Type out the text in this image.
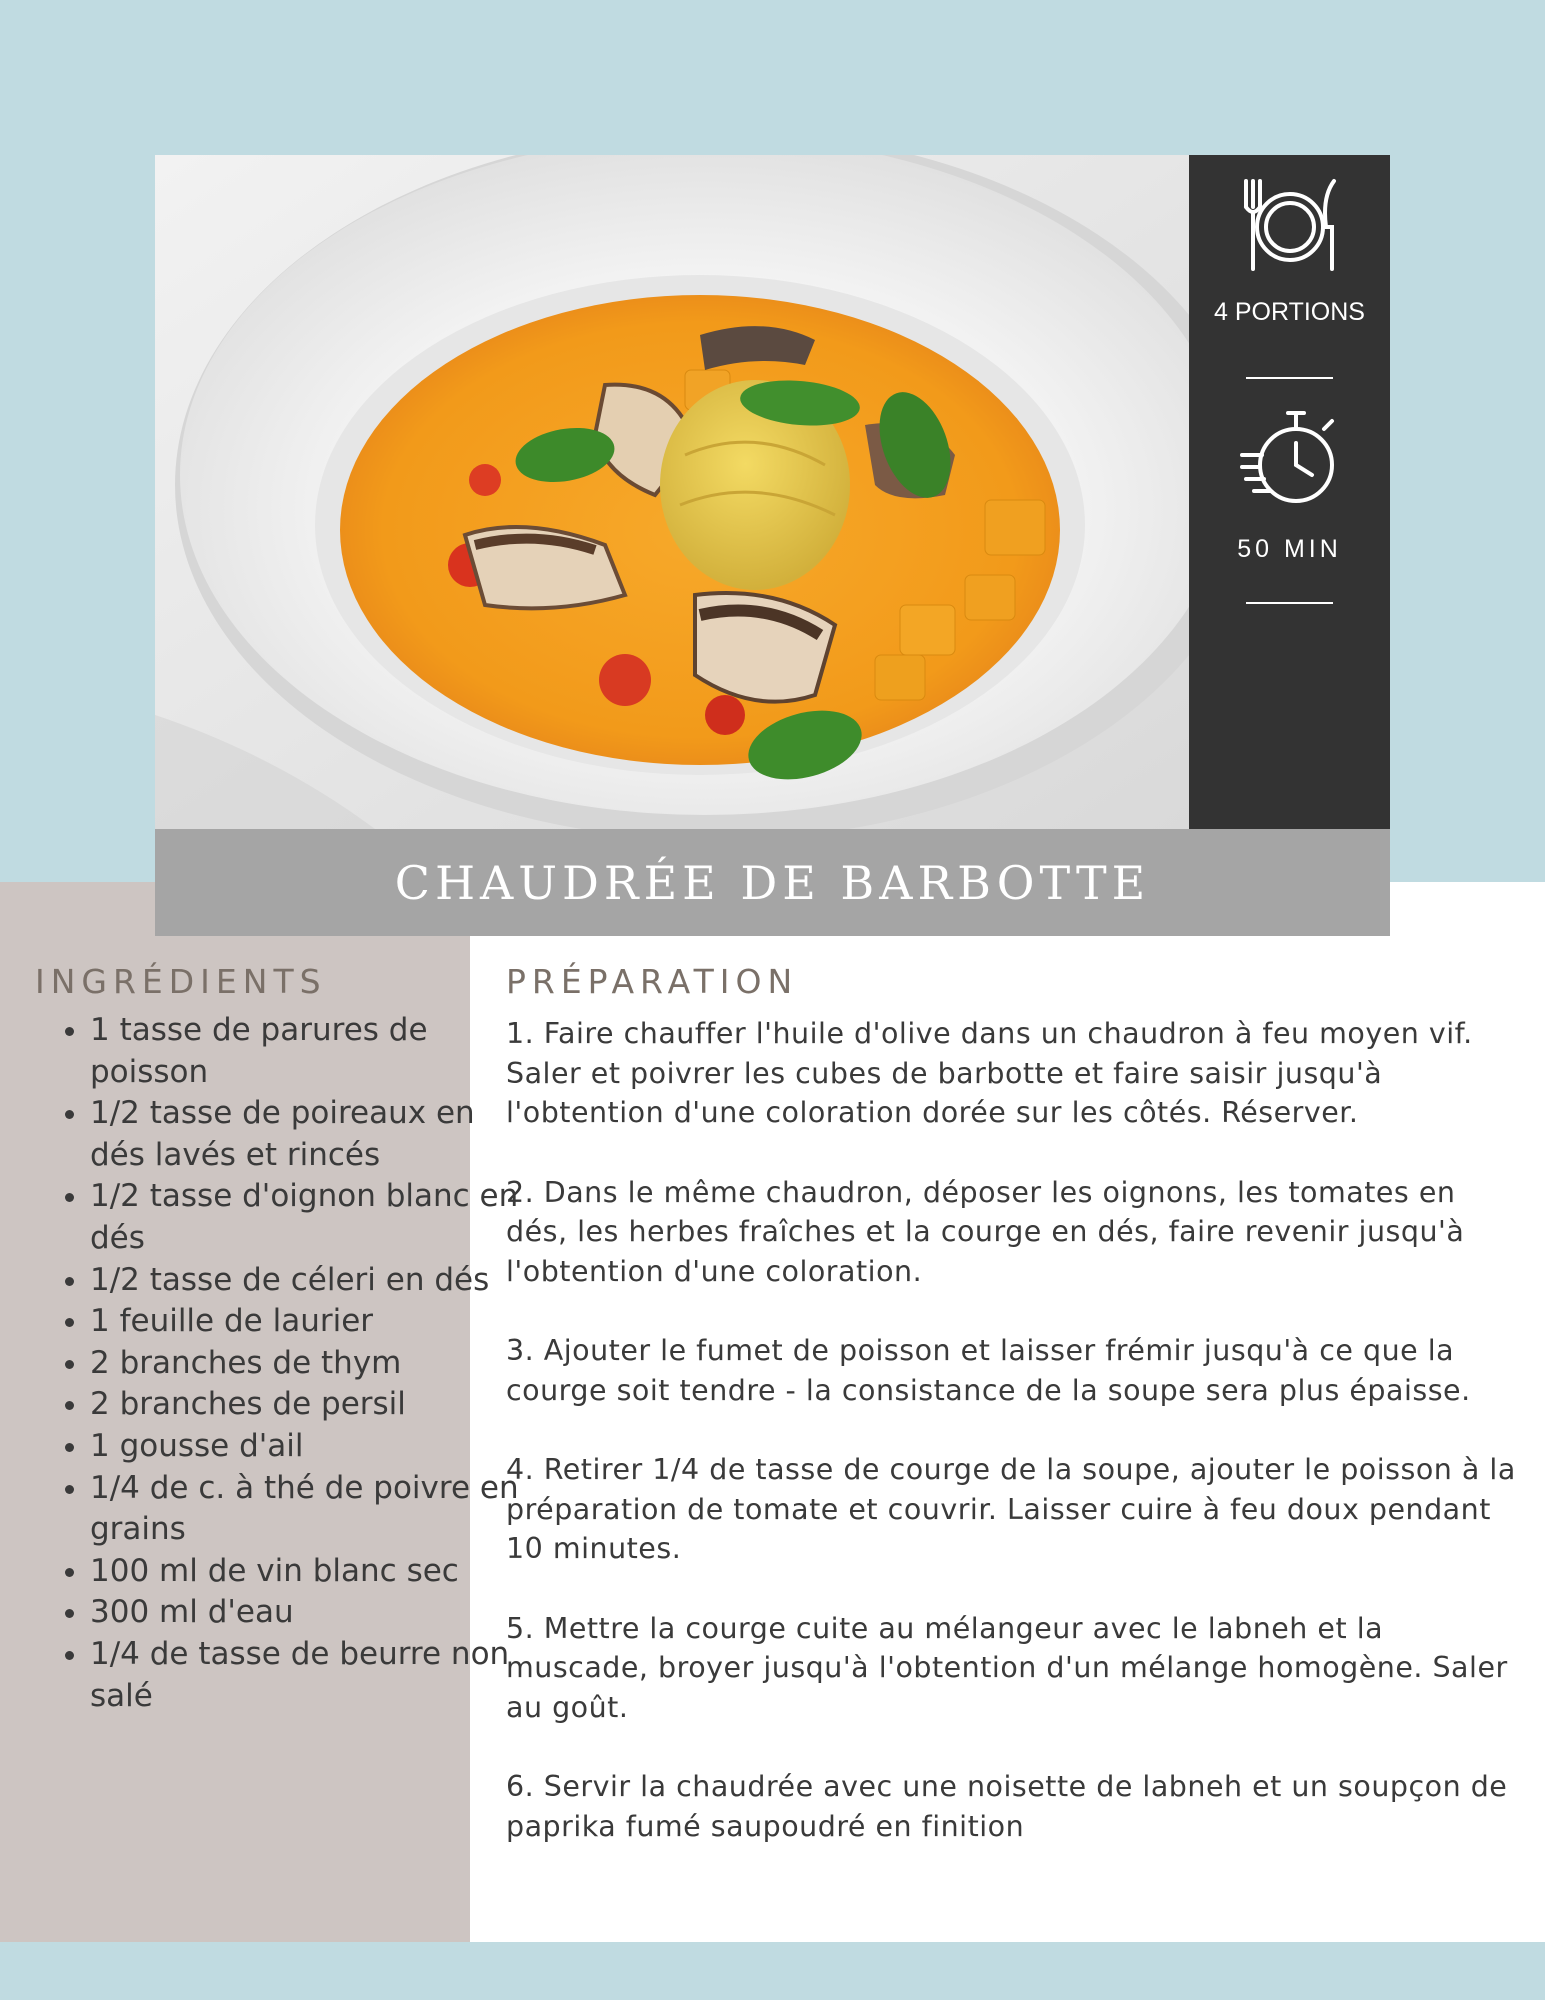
4 PORTIONS
50 MIN
CHAUDRÉE DE BARBOTTE
INGRÉDIENTS
• 1 tasse de parures de poisson
• 1/2 tasse de poireaux en dés lavés et rincés
• 1/2 tasse d'oignon blanc en dés
• 1/2 tasse de céleri en dés
• 1 feuille de laurier
• 2 branches de thym
• 2 branches de persil
• 1 gousse d'ail
• 1/4 de c. à thé de poivre en grains
• 100 ml de vin blanc sec
• 300 ml d'eau
• 1/4 de tasse de beurre non salé
PRÉPARATION

1. Faire chauffer l'huile d'olive dans un chaudron à feu moyen vif. Saler et poivrer les cubes de barbotte et faire saisir jusqu'à l'obtention d'une coloration dorée sur les côtés. Réserver.

2. Dans le même chaudron, déposer les oignons, les tomates en dés, les herbes fraîches et la courge en dés, faire revenir jusqu'à l'obtention d'une coloration.

3. Ajouter le fumet de poisson et laisser frémir jusqu'à ce que la courge soit tendre - la consistance de la soupe sera plus épaisse.

4. Retirer 1/4 de tasse de courge de la soupe, ajouter le poisson à la préparation de tomate et couvrir. Laisser cuire à feu doux pendant 10 minutes.

5. Mettre la courge cuite au mélangeur avec le labneh et la muscade, broyer jusqu'à l'obtention d'un mélange homogène. Saler au goût.

6. Servir la chaudrée avec une noisette de labneh et un soupçon de paprika fumé saupoudré en finition
